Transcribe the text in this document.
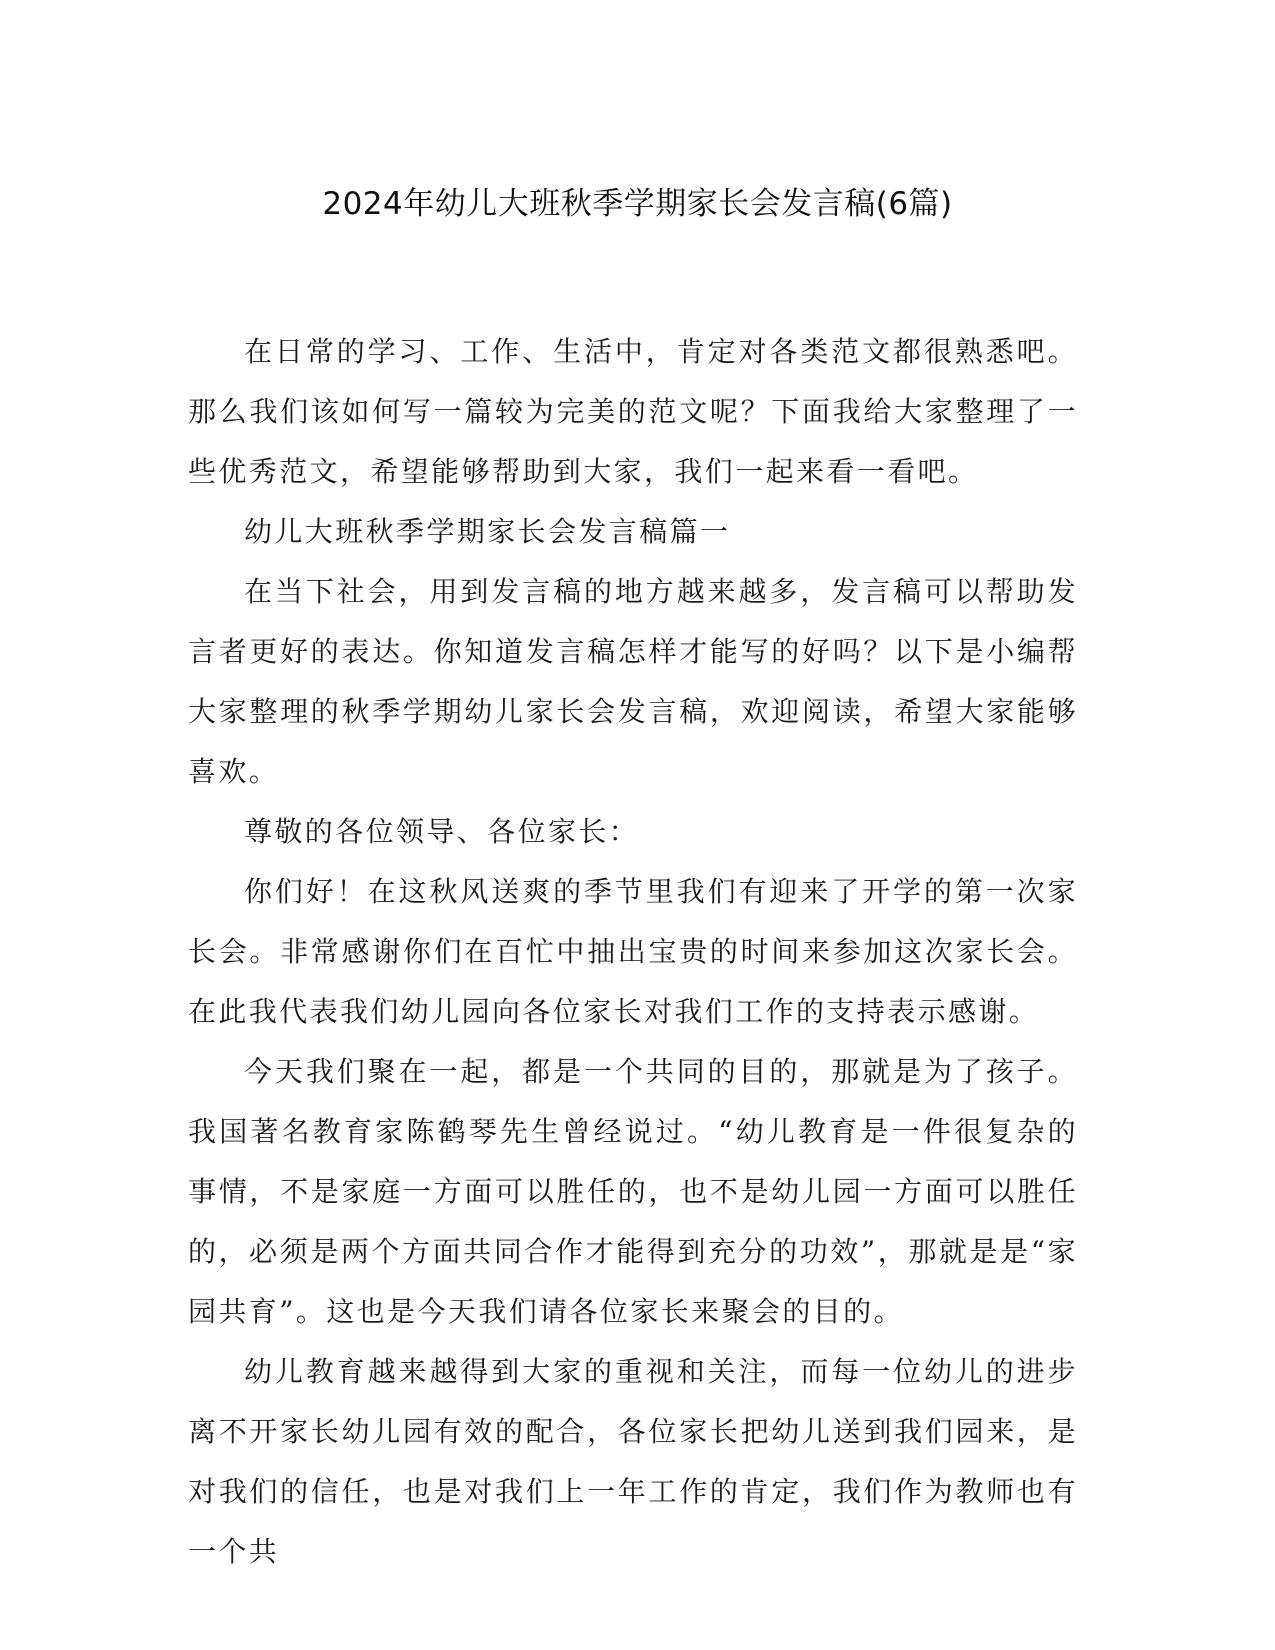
2024年幼儿大班秋季学期家长会发言稿(6篇)

在日常的学习、工作、生活中，肯定对各类范文都很熟悉吧。那么我们该如何写一篇较为完美的范文呢？下面我给大家整理了一些优秀范文，希望能够帮助到大家，我们一起来看一看吧。

幼儿大班秋季学期家长会发言稿篇一

在当下社会，用到发言稿的地方越来越多，发言稿可以帮助发言者更好的表达。你知道发言稿怎样才能写的好吗？以下是小编帮大家整理的秋季学期幼儿家长会发言稿，欢迎阅读，希望大家能够喜欢。

尊敬的各位领导、各位家长：

你们好！在这秋风送爽的季节里我们有迎来了开学的第一次家长会。非常感谢你们在百忙中抽出宝贵的时间来参加这次家长会。在此我代表我们幼儿园向各位家长对我们工作的支持表示感谢。

今天我们聚在一起，都是一个共同的目的，那就是为了孩子。我国著名教育家陈鹤琴先生曾经说过。“幼儿教育是一件很复杂的事情，不是家庭一方面可以胜任的，也不是幼儿园一方面可以胜任的，必须是两个方面共同合作才能得到充分的功效”，那就是是“家园共育”。这也是今天我们请各位家长来聚会的目的。

幼儿教育越来越得到大家的重视和关注，而每一位幼儿的进步离不开家长幼儿园有效的配合，各位家长把幼儿送到我们园来，是对我们的信任，也是对我们上一年工作的肯定，我们作为教师也有一个共
